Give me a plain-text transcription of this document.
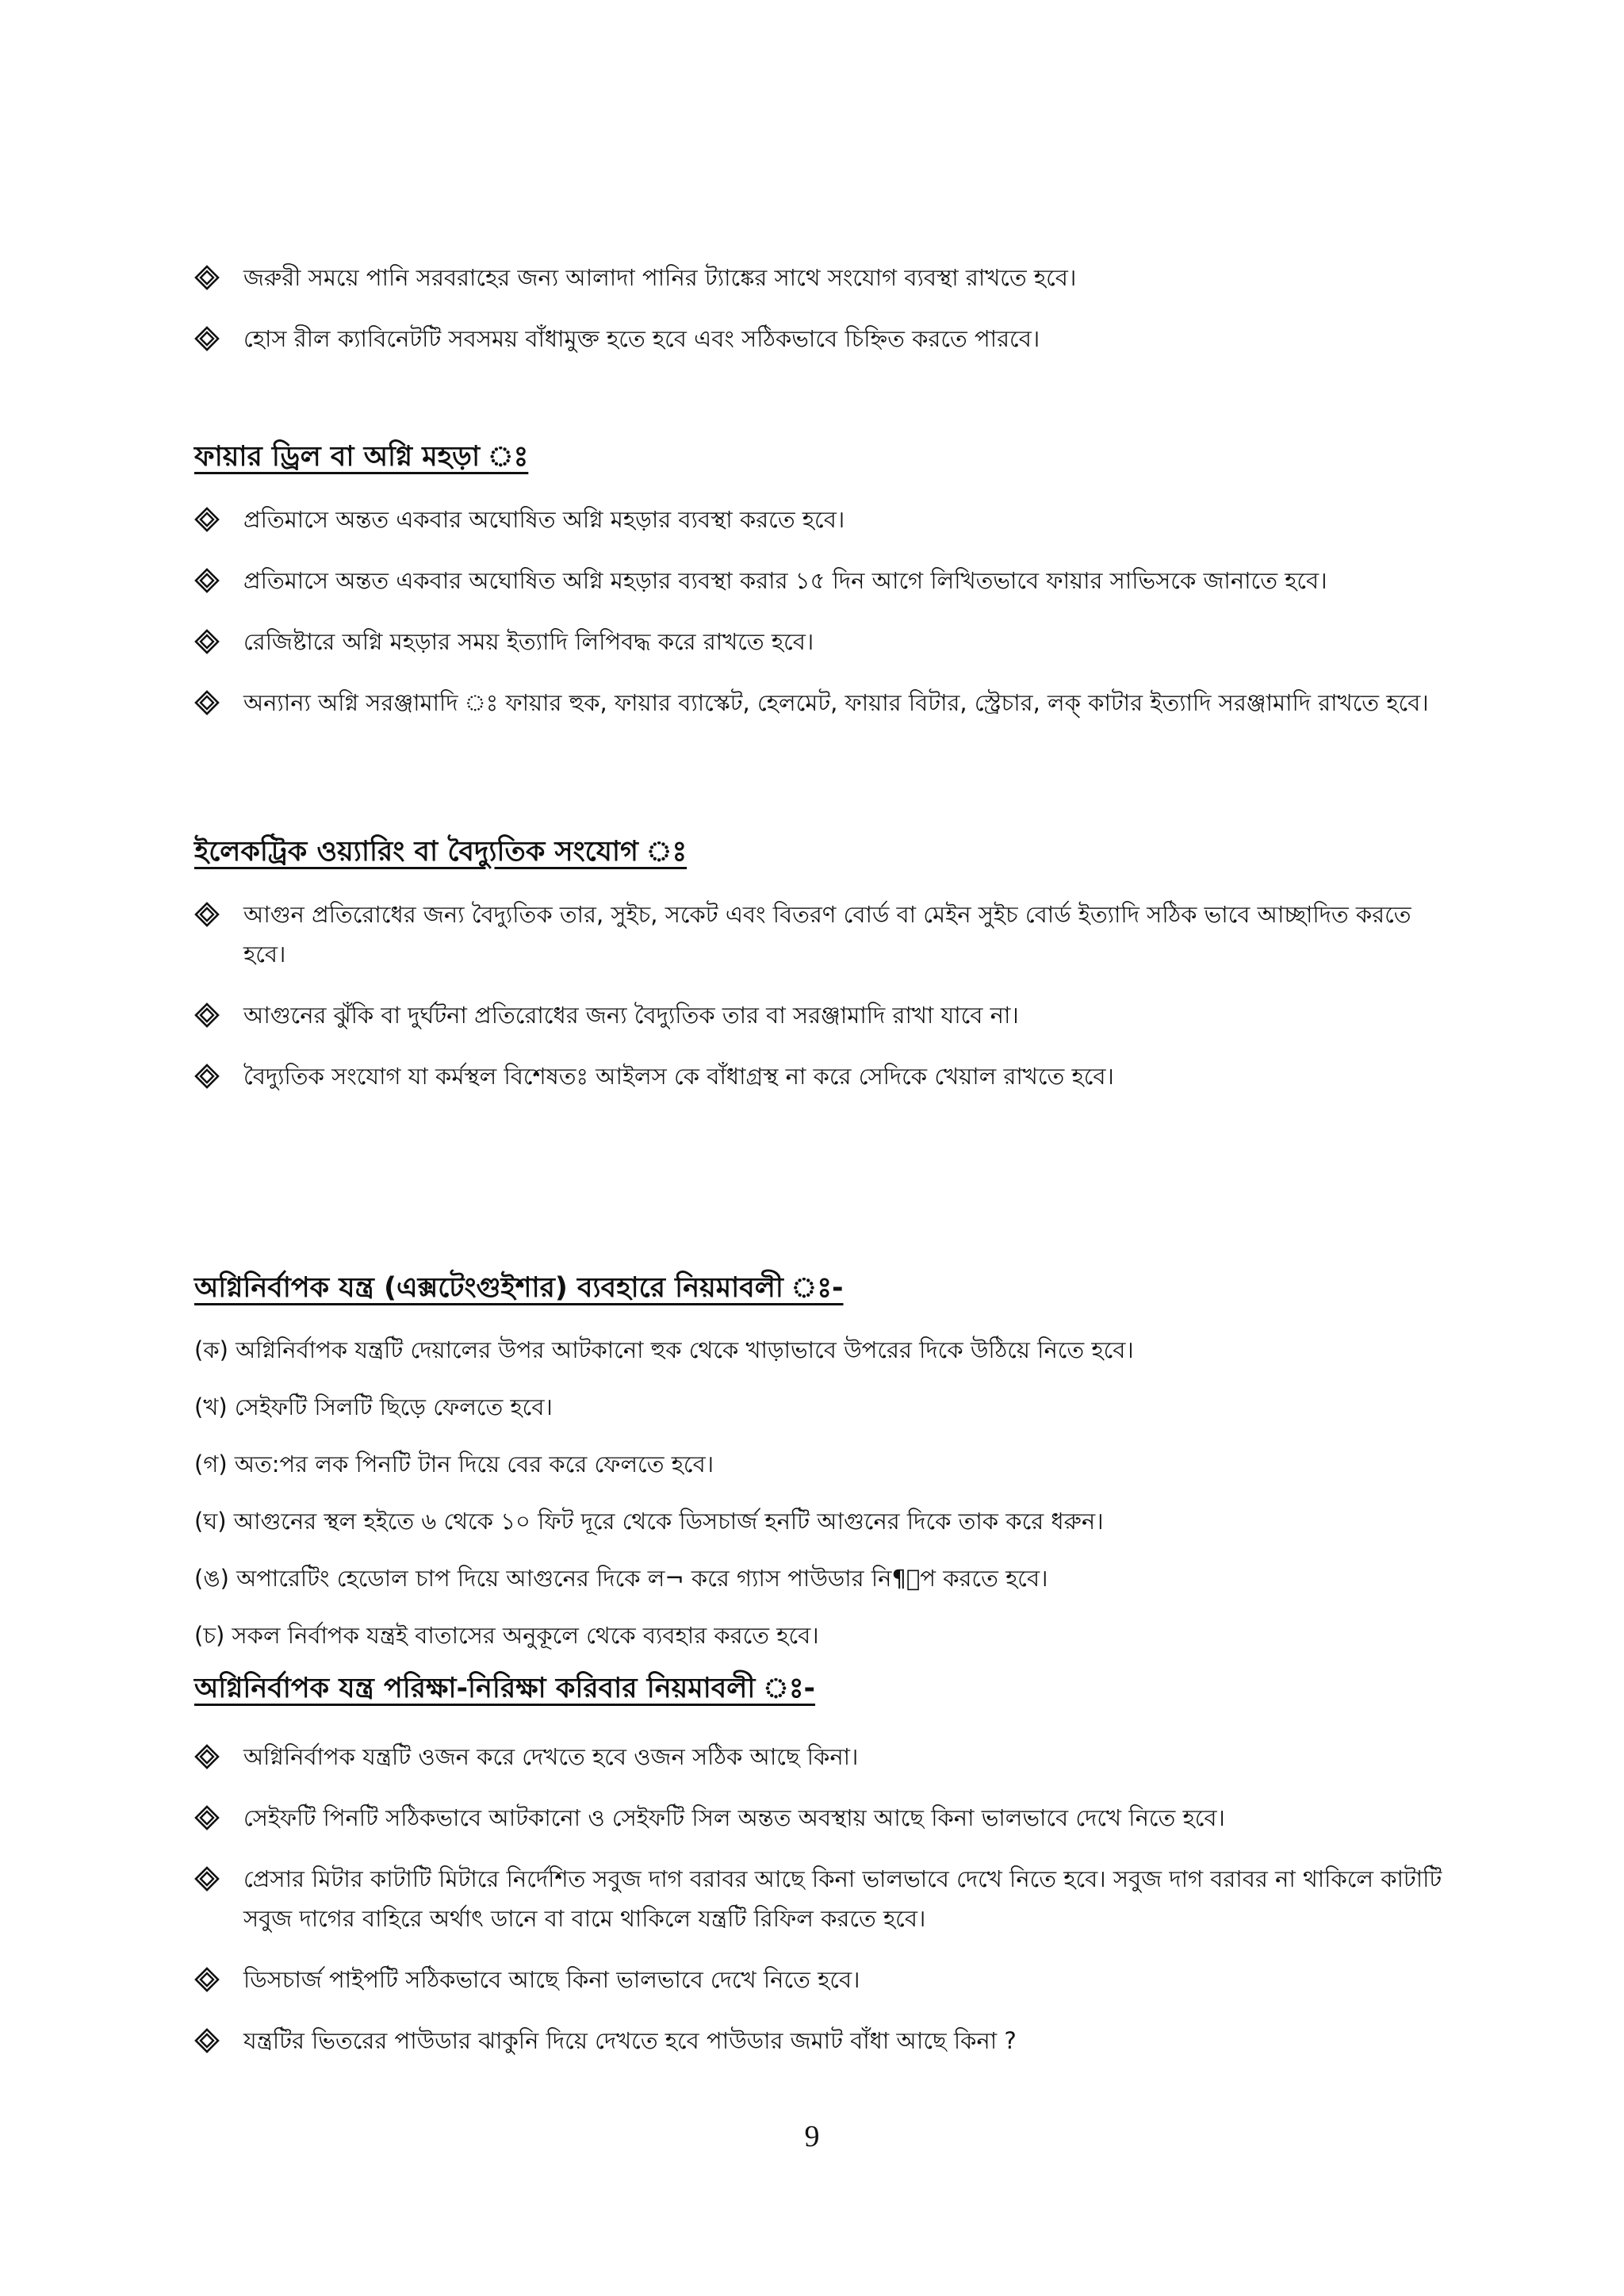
জরুরী সময়ে পানি সরবরাহের জন্য আলাদা পানির ট্যাঙ্কের সাথে সংযোগ ব্যবস্থা রাখতে হবে।
হোস রীল ক্যাবিনেটটি সবসময় বাঁধামুক্ত হতে হবে এবং সঠিকভাবে চিহ্নিত করতে পারবে।
ফায়ার ড্রিল বা অগ্নি মহড়া ঃ
প্রতিমাসে অন্তত একবার অঘোষিত অগ্নি মহড়ার ব্যবস্থা করতে হবে।
প্রতিমাসে অন্তত একবার অঘোষিত অগ্নি মহড়ার ব্যবস্থা করার ১৫ দিন আগে লিখিতভাবে ফায়ার সাভিসকে জানাতে হবে।
রেজিষ্টারে অগ্নি মহড়ার সময় ইত্যাদি লিপিবদ্ধ করে রাখতে হবে।
অন্যান্য অগ্নি সরঞ্জামাদি ঃ ফায়ার হুক, ফায়ার ব্যাস্কেট, হেলমেট, ফায়ার বিটার, স্ট্রেচার, লক্ কাটার ইত্যাদি সরঞ্জামাদি রাখতে হবে।
ইলেকট্রিক ওয়্যারিং বা বৈদ্যুতিক সংযোগ ঃ
আগুন প্রতিরোধের জন্য বৈদ্যুতিক তার, সুইচ, সকেট এবং বিতরণ বোর্ড বা মেইন সুইচ বোর্ড ইত্যাদি সঠিক ভাবে আচ্ছাদিত করতে হবে।
আগুনের ঝুঁকি বা দুর্ঘটনা প্রতিরোধের জন্য বৈদ্যুতিক তার বা সরঞ্জামাদি রাখা যাবে না।
বৈদ্যুতিক সংযোগ যা কর্মস্থল বিশেষতঃ আইলস কে বাঁধাগ্রস্থ না করে সেদিকে খেয়াল রাখতে হবে।
অগ্নিনির্বাপক যন্ত্র (এক্সটেংগুইশার) ব্যবহারে নিয়মাবলী ঃ-
(ক) অগ্নিনির্বাপক যন্ত্রটি দেয়ালের উপর আটকানো হুক থেকে খাড়াভাবে উপরের দিকে উঠিয়ে নিতে হবে।
(খ) সেইফটি সিলটি ছিড়ে ফেলতে হবে।
(গ) অত:পর লক পিনটি টান দিয়ে বের করে ফেলতে হবে।
(ঘ) আগুনের স্থল হইতে ৬ থেকে ১০ ফিট দূরে থেকে ডিসচার্জ হনটি আগুনের দিকে তাক করে ধরুন।
(ঙ) অপারেটিং হেডোল চাপ দিয়ে আগুনের দিকে ল¬ করে গ্যাস পাউডার নি¶েপ করতে হবে।
(চ) সকল নির্বাপক যন্ত্রই বাতাসের অনুকূলে থেকে ব্যবহার করতে হবে।
অগ্নিনির্বাপক যন্ত্র পরিক্ষা-নিরিক্ষা করিবার নিয়মাবলী ঃ-
অগ্নিনির্বাপক যন্ত্রটি ওজন করে দেখতে হবে ওজন সঠিক আছে কিনা।
সেইফটি পিনটি সঠিকভাবে আটকানো ও সেইফটি সিল অন্তত অবস্থায় আছে কিনা ভালভাবে দেখে নিতে হবে।
প্রেসার মিটার কাটাটি মিটারে নির্দেশিত সবুজ দাগ বরাবর আছে কিনা ভালভাবে দেখে নিতে হবে। সবুজ দাগ বরাবর না থাকিলে কাটাটি সবুজ দাগের বাহিরে অর্থাৎ ডানে বা বামে থাকিলে যন্ত্রটি রিফিল করতে হবে।
ডিসচার্জ পাইপটি সঠিকভাবে আছে কিনা ভালভাবে দেখে নিতে হবে।
যন্ত্রটির ভিতরের পাউডার ঝাকুনি দিয়ে দেখতে হবে পাউডার জমাট বাঁধা আছে কিনা ?
9
